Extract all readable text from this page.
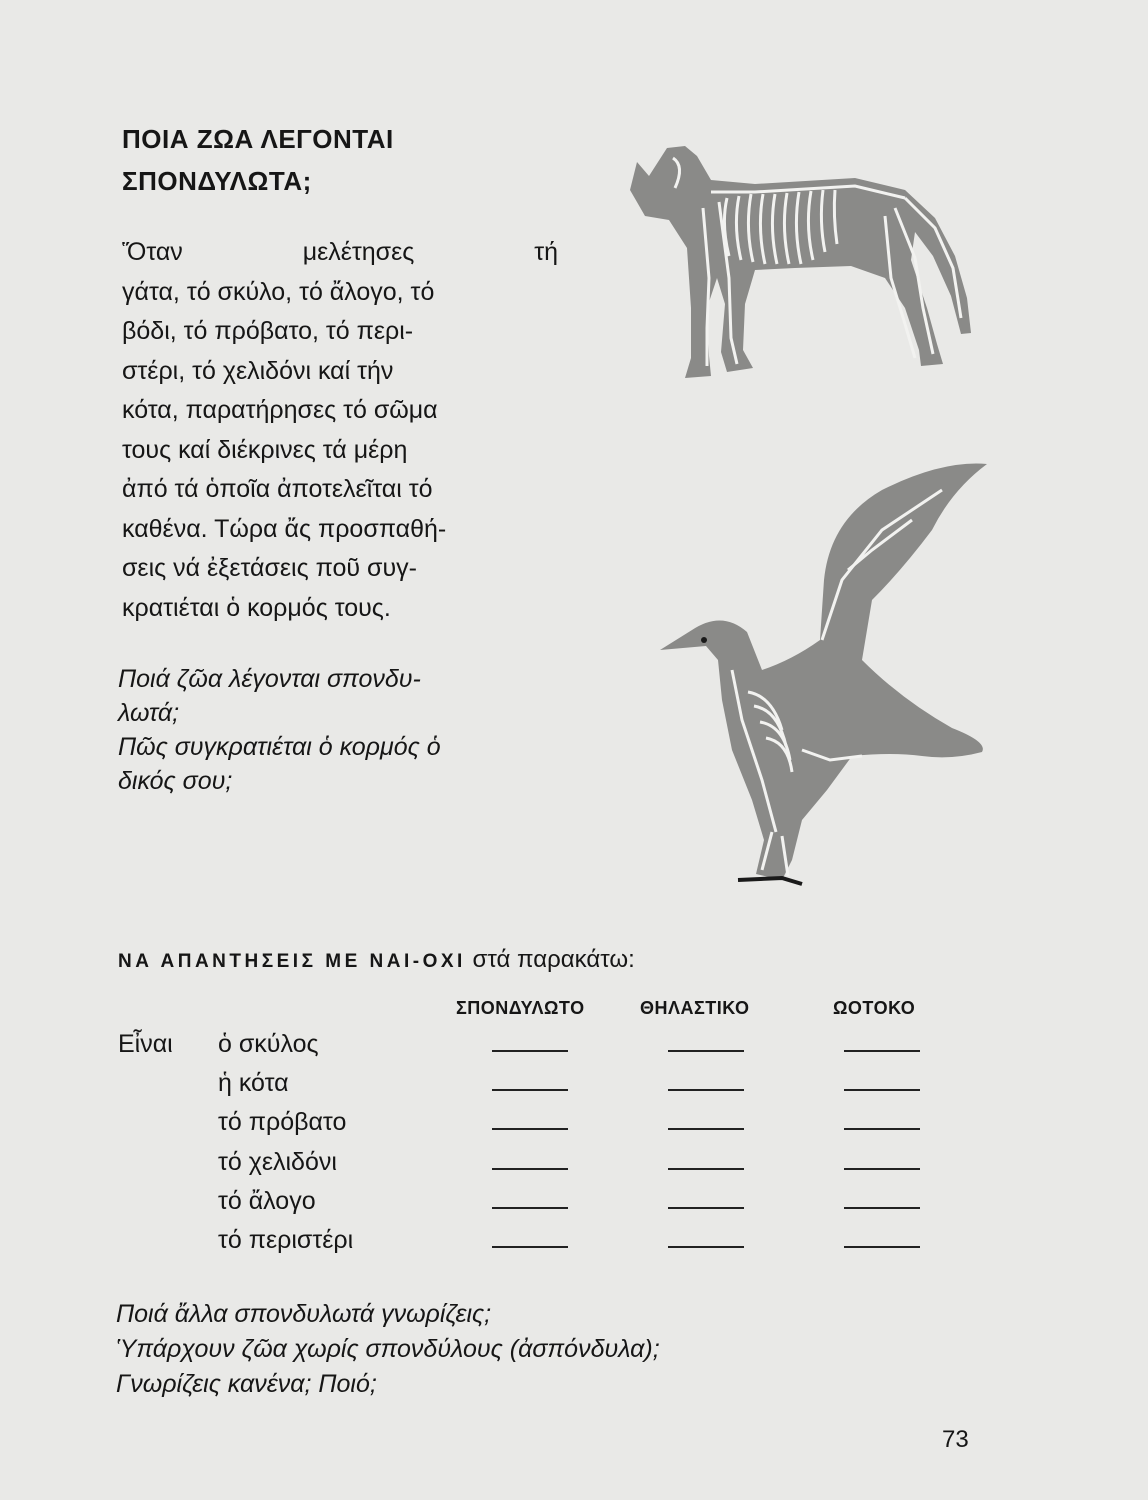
ΠΟΙΑ ΖΩΑ ΛΕΓΟΝΤΑΙ
ΣΠΟΝΔΥΛΩΤΑ;
Ὅταν	μελέτησες	τή
γάτα, τό σκύλο, τό ἄλογο, τό
βόδι, τό πρόβατο, τό περι-
στέρι, τό χελιδόνι καί τήν
κότα, παρατήρησες τό σῶμα
τους καί διέκρινες τά μέρη
ἀπό τά ὁποῖα ἀποτελεῖται τό
καθένα. Τώρα ἄς προσπαθή-
σεις νά ἐξετάσεις ποῦ συγ-
κρατιέται ὁ κορμός τους.
Ποιά ζῶα λέγονται σπονδυ-
λωτά;
Πῶς συγκρατιέται ὁ κορμός ὁ
δικός σου;
ΝΑ ΑΠΑΝΤΗΣΕΙΣ ΜΕ ΝΑΙ-ΟΧΙ στά παρακάτω:
ΣΠΟΝΔΥΛΩΤΟ	ΘΗΛΑΣΤΙΚΟ	ΩΟΤΟΚΟ
Εἶναι ὁ σκύλος
ἡ κότα
τό πρόβατο
τό χελιδόνι
τό ἄλογο
τό περιστέρι
Ποιά ἄλλα σπονδυλωτά γνωρίζεις;
Ὑπάρχουν ζῶα χωρίς σπονδύλους (ἀσπόνδυλα);
Γνωρίζεις κανένα; Ποιό;
73
